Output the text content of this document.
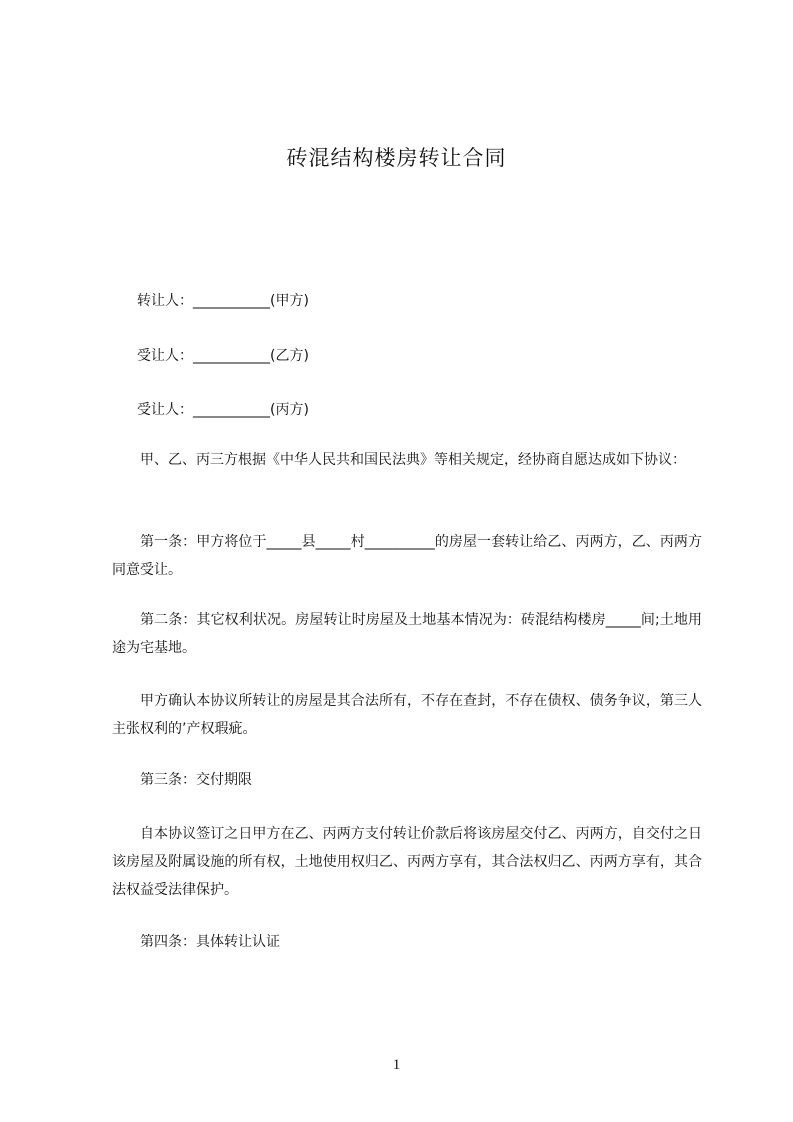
砖混结构楼房转让合同
转让人：___________(甲方)
受让人：___________(乙方)
受让人：___________(丙方)
甲、乙、丙三方根据《中华人民共和国民法典》等相关规定，经协商自愿达成如下协议：
第一条：甲方将位于_____县_____村__________的房屋一套转让给乙、丙两方，乙、丙两方同意受让。
第二条：其它权利状况。房屋转让时房屋及土地基本情况为：砖混结构楼房_____间;土地用途为宅基地。
甲方确认本协议所转让的房屋是其合法所有，不存在查封，不存在债权、债务争议，第三人主张权利的’产权瑕疵。
第三条：交付期限
自本协议签订之日甲方在乙、丙两方支付转让价款后将该房屋交付乙、丙两方，自交付之日该房屋及附属设施的所有权，土地使用权归乙、丙两方享有，其合法权归乙、丙两方享有，其合法权益受法律保护。
第四条：具体转让认证
1
